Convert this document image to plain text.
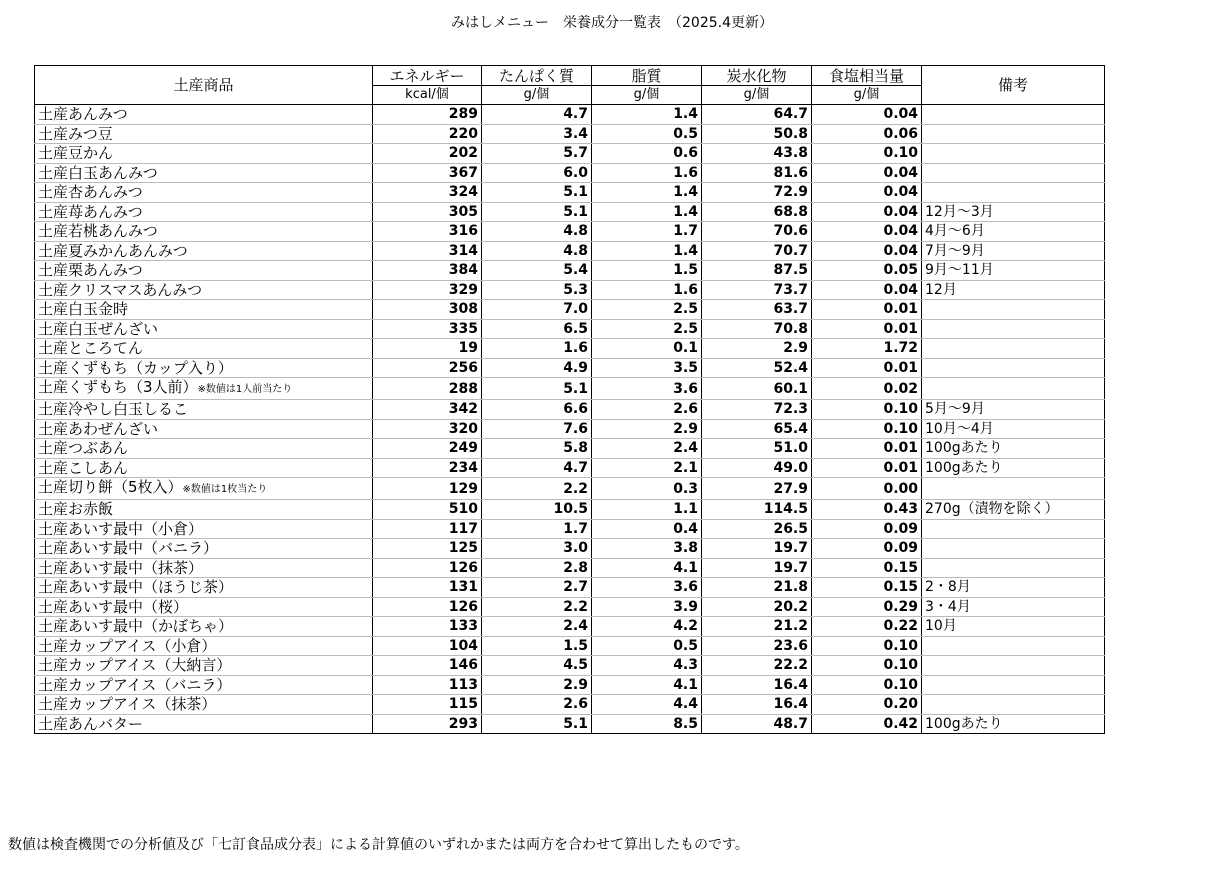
みはしメニュー　栄養成分一覧表　（2025.4更新）
土産商品	エネルギー	たんぱく質	脂質	炭水化物	食塩相当量	備考
	kcal/個	g/個	g/個	g/個	g/個	
土産あんみつ	289	4.7	1.4	64.7	0.04	
土産みつ豆	220	3.4	0.5	50.8	0.06	
土産豆かん	202	5.7	0.6	43.8	0.10	
土産白玉あんみつ	367	6.0	1.6	81.6	0.04	
土産杏あんみつ	324	5.1	1.4	72.9	0.04	
土産苺あんみつ	305	5.1	1.4	68.8	0.04	12月～3月
土産若桃あんみつ	316	4.8	1.7	70.6	0.04	4月～6月
土産夏みかんあんみつ	314	4.8	1.4	70.7	0.04	7月～9月
土産栗あんみつ	384	5.4	1.5	87.5	0.05	9月～11月
土産クリスマスあんみつ	329	5.3	1.6	73.7	0.04	12月
土産白玉金時	308	7.0	2.5	63.7	0.01	
土産白玉ぜんざい	335	6.5	2.5	70.8	0.01	
土産ところてん	19	1.6	0.1	2.9	1.72	
土産くずもち（カップ入り）	256	4.9	3.5	52.4	0.01	
土産くずもち（3人前）※数値は1人前当たり	288	5.1	3.6	60.1	0.02	
土産冷やし白玉しるこ	342	6.6	2.6	72.3	0.10	5月～9月
土産あわぜんざい	320	7.6	2.9	65.4	0.10	10月～4月
土産つぶあん	249	5.8	2.4	51.0	0.01	100gあたり
土産こしあん	234	4.7	2.1	49.0	0.01	100gあたり
土産切り餅（5枚入）※数値は1枚当たり	129	2.2	0.3	27.9	0.00	
土産お赤飯	510	10.5	1.1	114.5	0.43	270g（漬物を除く）
土産あいす最中（小倉）	117	1.7	0.4	26.5	0.09	
土産あいす最中（バニラ）	125	3.0	3.8	19.7	0.09	
土産あいす最中（抹茶）	126	2.8	4.1	19.7	0.15	
土産あいす最中（ほうじ茶）	131	2.7	3.6	21.8	0.15	2・8月
土産あいす最中（桜）	126	2.2	3.9	20.2	0.29	3・4月
土産あいす最中（かぼちゃ）	133	2.4	4.2	21.2	0.22	10月
土産カップアイス（小倉）	104	1.5	0.5	23.6	0.10	
土産カップアイス（大納言）	146	4.5	4.3	22.2	0.10	
土産カップアイス（バニラ）	113	2.9	4.1	16.4	0.10	
土産カップアイス（抹茶）	115	2.6	4.4	16.4	0.20	
土産あんバター	293	5.1	8.5	48.7	0.42	100gあたり
数値は検査機関での分析値及び「七訂食品成分表」による計算値のいずれかまたは両方を合わせて算出したものです。
